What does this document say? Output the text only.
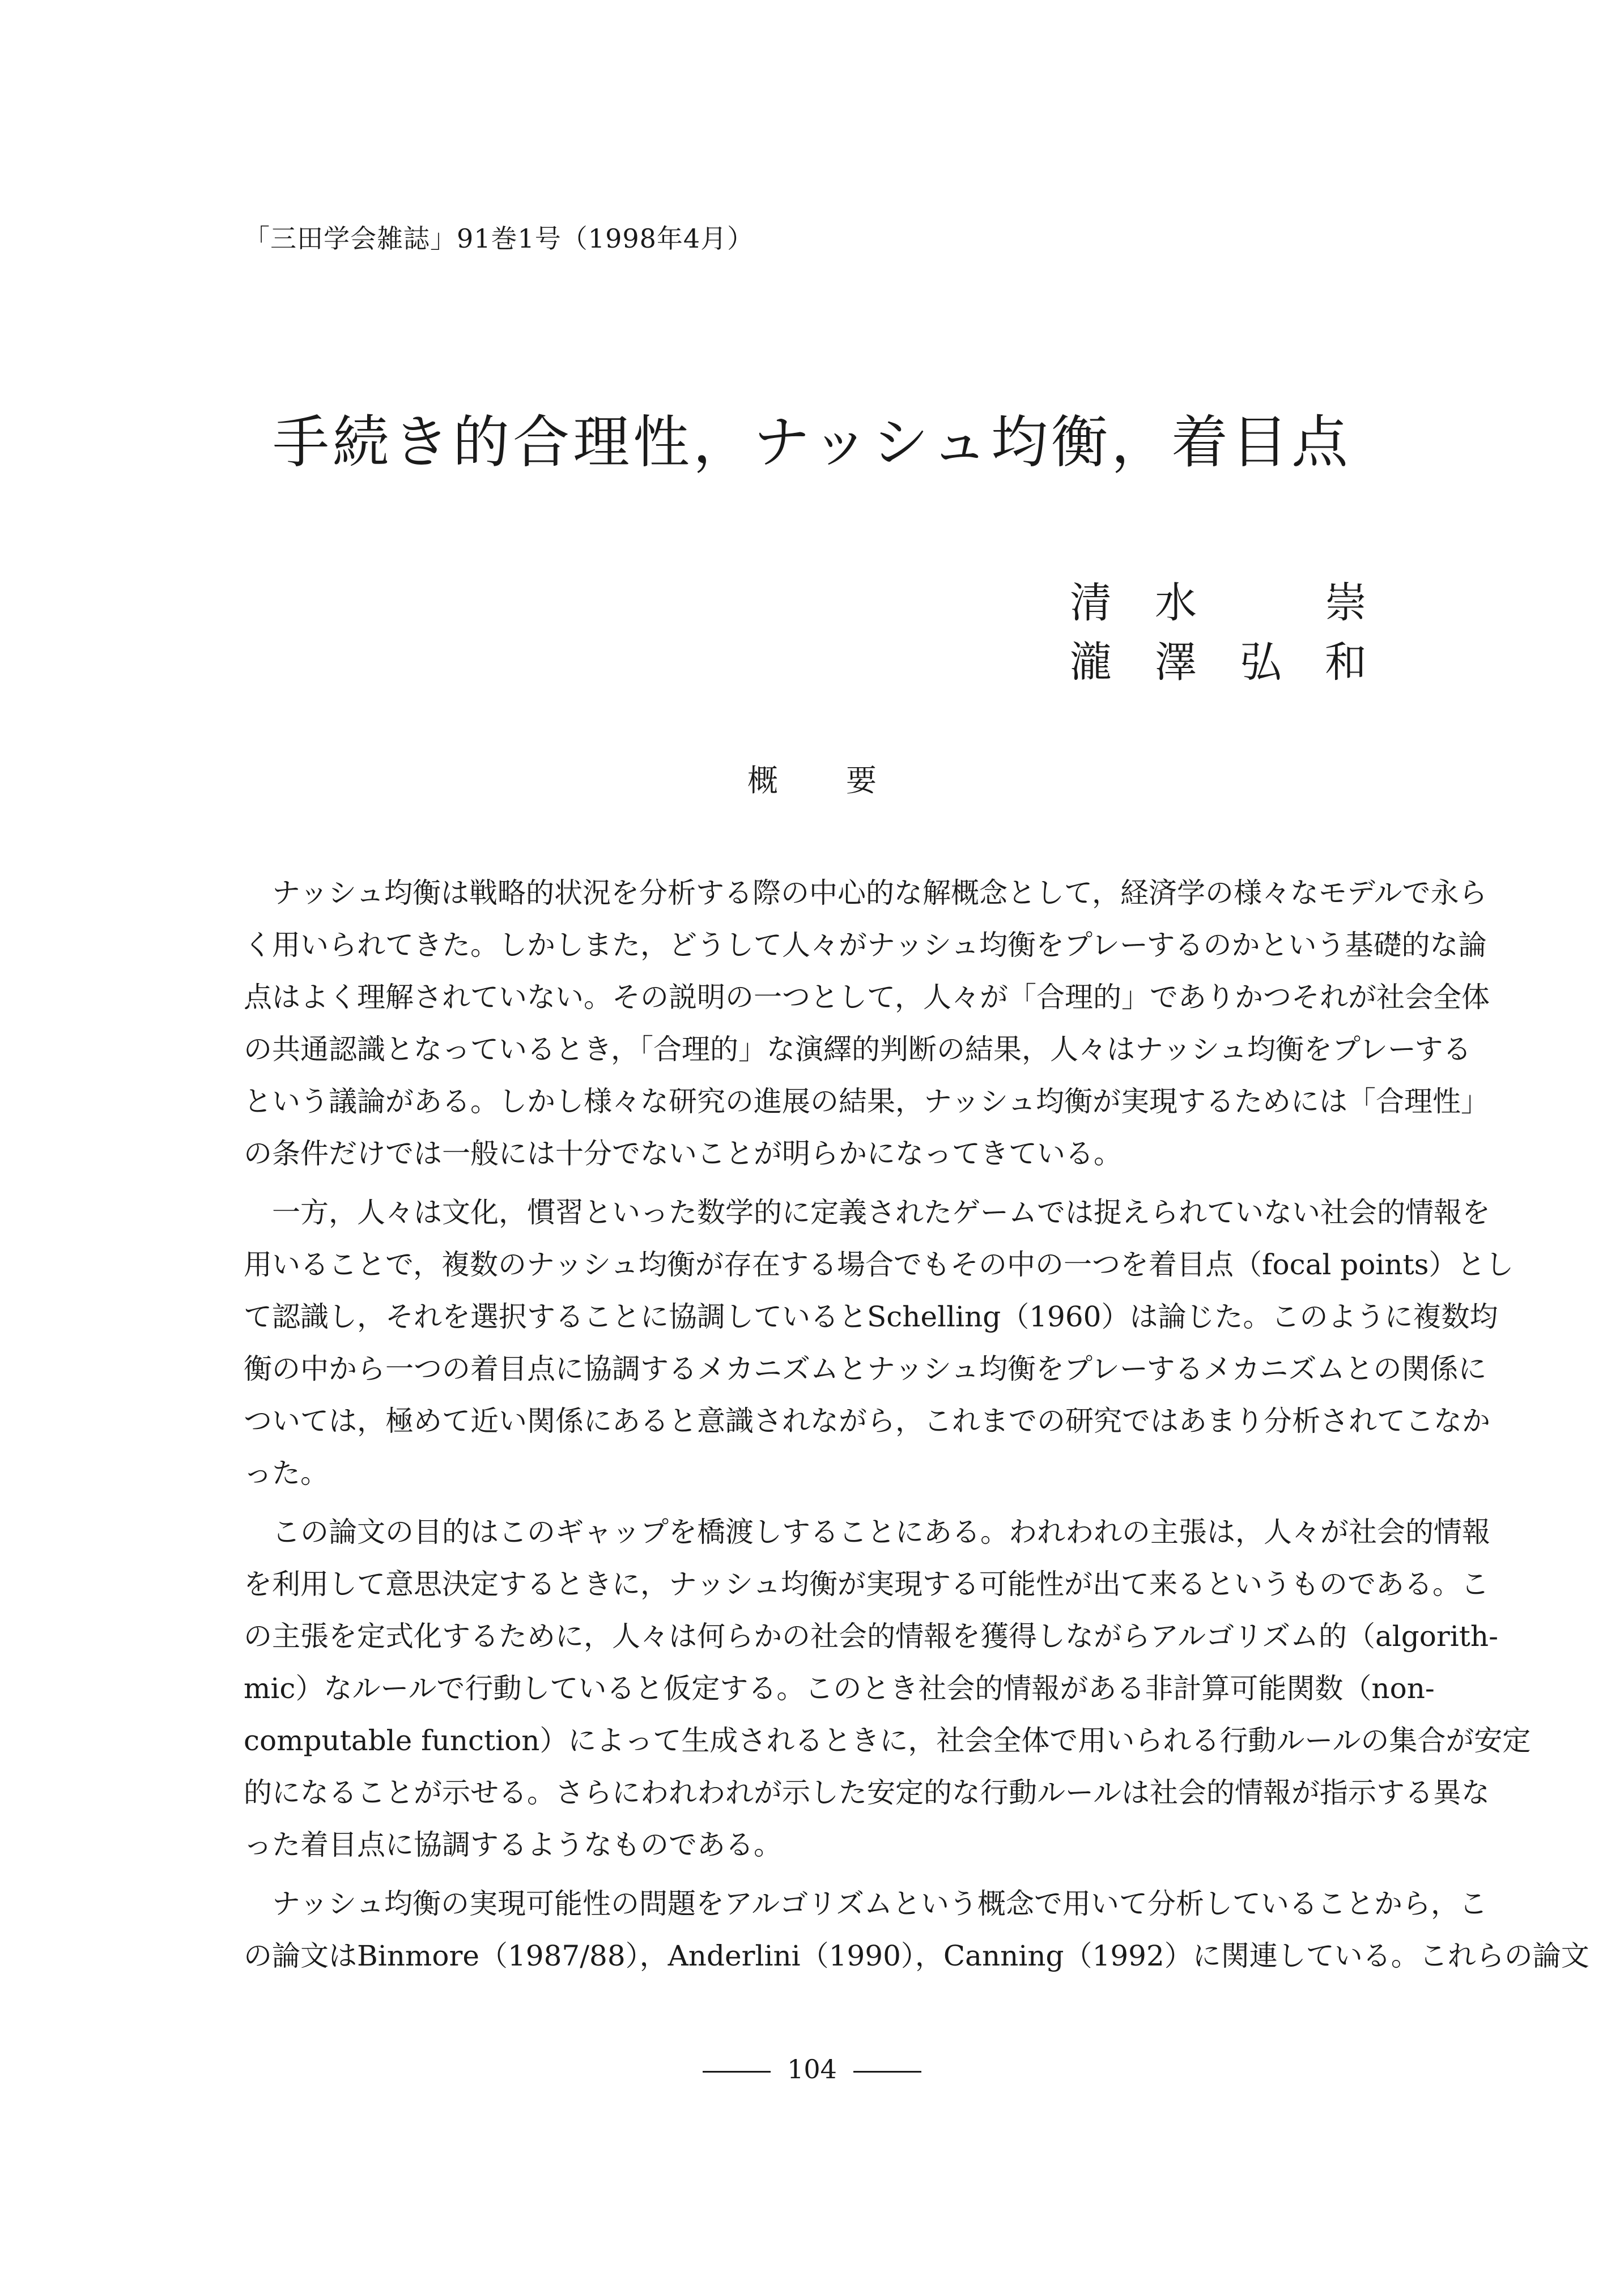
「三田学会雑誌」91巻1号（1998年4月）
手続き的合理性，ナッシュ均衡，着目点
清 水	崇
瀧 澤 弘 和
概要
ナッシュ均衡は戦略的状況を分析する際の中心的な解概念として，経済学の様々なモデルで永ら
く用いられてきた。しかしまた，どうして人々がナッシュ均衡をプレーするのかという基礎的な論
点はよく理解されていない。その説明の一つとして，人々が「合理的」でありかつそれが社会全体
の共通認識となっているとき，「合理的」な演繹的判断の結果，人々はナッシュ均衡をプレーする
という議論がある。しかし様々な研究の進展の結果，ナッシュ均衡が実現するためには「合理性」
の条件だけでは一般には十分でないことが明らかになってきている。
一方，人々は文化，慣習といった数学的に定義されたゲームでは捉えられていない社会的情報を
用いることで，複数のナッシュ均衡が存在する場合でもその中の一つを着目点（focal points）とし
て認識し，それを選択することに協調しているとSchelling（1960）は論じた。このように複数均
衡の中から一つの着目点に協調するメカニズムとナッシュ均衡をプレーするメカニズムとの関係に
ついては，極めて近い関係にあると意識されながら，これまでの研究ではあまり分析されてこなか
った。
この論文の目的はこのギャップを橋渡しすることにある。われわれの主張は，人々が社会的情報
を利用して意思決定するときに，ナッシュ均衡が実現する可能性が出て来るというものである。こ
の主張を定式化するために，人々は何らかの社会的情報を獲得しながらアルゴリズム的（algorith-
mic）なルールで行動していると仮定する。このとき社会的情報がある非計算可能関数（non-
computable function）によって生成されるときに，社会全体で用いられる行動ルールの集合が安定
的になることが示せる。さらにわれわれが示した安定的な行動ルールは社会的情報が指示する異な
った着目点に協調するようなものである。
ナッシュ均衡の実現可能性の問題をアルゴリズムという概念で用いて分析していることから，こ
の論文はBinmore（1987/88），Anderlini（1990），Canning（1992）に関連している。これらの論文
104
